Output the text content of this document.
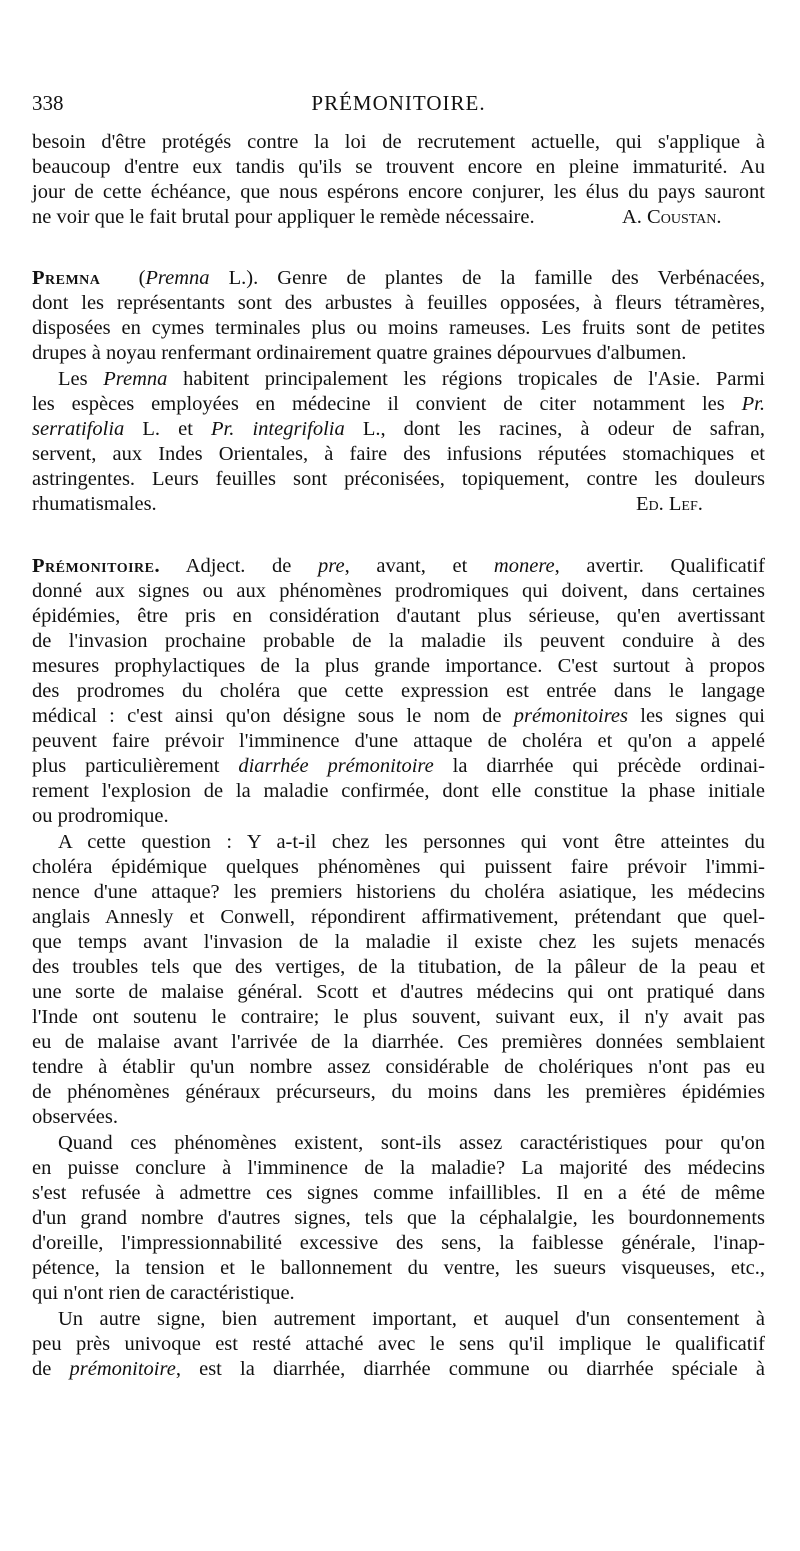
338	PRÉMONITOIRE.
besoin d'être protégés contre la loi de recrutement actuelle, qui s'applique à
beaucoup d'entre eux tandis qu'ils se trouvent encore en pleine immaturité. Au
jour de cette échéance, que nous espérons encore conjurer, les élus du pays sauront
ne voir que le fait brutal pour appliquer le remède nécessaire.	A. Coustan.
Premna (Premna L.). Genre de plantes de la famille des Verbénacées,
dont les représentants sont des arbustes à feuilles opposées, à fleurs tétramères,
disposées en cymes terminales plus ou moins rameuses. Les fruits sont de petites
drupes à noyau renfermant ordinairement quatre graines dépourvues d'albumen.
Les Premna habitent principalement les régions tropicales de l'Asie. Parmi
les espèces employées en médecine il convient de citer notamment les Pr.
serratifolia L. et Pr. integrifolia L., dont les racines, à odeur de safran,
servent, aux Indes Orientales, à faire des infusions réputées stomachiques et
astringentes. Leurs feuilles sont préconisées, topiquement, contre les douleurs
rhumatismales.	Ed. Lef.
Prémonitoire. Adject. de pre, avant, et monere, avertir. Qualificatif
donné aux signes ou aux phénomènes prodromiques qui doivent, dans certaines
épidémies, être pris en considération d'autant plus sérieuse, qu'en avertissant
de l'invasion prochaine probable de la maladie ils peuvent conduire à des
mesures prophylactiques de la plus grande importance. C'est surtout à propos
des prodromes du choléra que cette expression est entrée dans le langage
médical : c'est ainsi qu'on désigne sous le nom de prémonitoires les signes qui
peuvent faire prévoir l'imminence d'une attaque de choléra et qu'on a appelé
plus particulièrement diarrhée prémonitoire la diarrhée qui précède ordinai-
rement l'explosion de la maladie confirmée, dont elle constitue la phase initiale
ou prodromique.
A cette question : Y a-t-il chez les personnes qui vont être atteintes du
choléra épidémique quelques phénomènes qui puissent faire prévoir l'immi-
nence d'une attaque? les premiers historiens du choléra asiatique, les médecins
anglais Annesly et Conwell, répondirent affirmativement, prétendant que quel-
que temps avant l'invasion de la maladie il existe chez les sujets menacés
des troubles tels que des vertiges, de la titubation, de la pâleur de la peau et
une sorte de malaise général. Scott et d'autres médecins qui ont pratiqué dans
l'Inde ont soutenu le contraire; le plus souvent, suivant eux, il n'y avait pas
eu de malaise avant l'arrivée de la diarrhée. Ces premières données semblaient
tendre à établir qu'un nombre assez considérable de cholériques n'ont pas eu
de phénomènes généraux précurseurs, du moins dans les premières épidémies
observées.
Quand ces phénomènes existent, sont-ils assez caractéristiques pour qu'on
en puisse conclure à l'imminence de la maladie? La majorité des médecins
s'est refusée à admettre ces signes comme infaillibles. Il en a été de même
d'un grand nombre d'autres signes, tels que la céphalalgie, les bourdonnements
d'oreille, l'impressionnabilité excessive des sens, la faiblesse générale, l'inap-
pétence, la tension et le ballonnement du ventre, les sueurs visqueuses, etc.,
qui n'ont rien de caractéristique.
Un autre signe, bien autrement important, et auquel d'un consentement à
peu près univoque est resté attaché avec le sens qu'il implique le qualificatif
de prémonitoire, est la diarrhée, diarrhée commune ou diarrhée spéciale à
